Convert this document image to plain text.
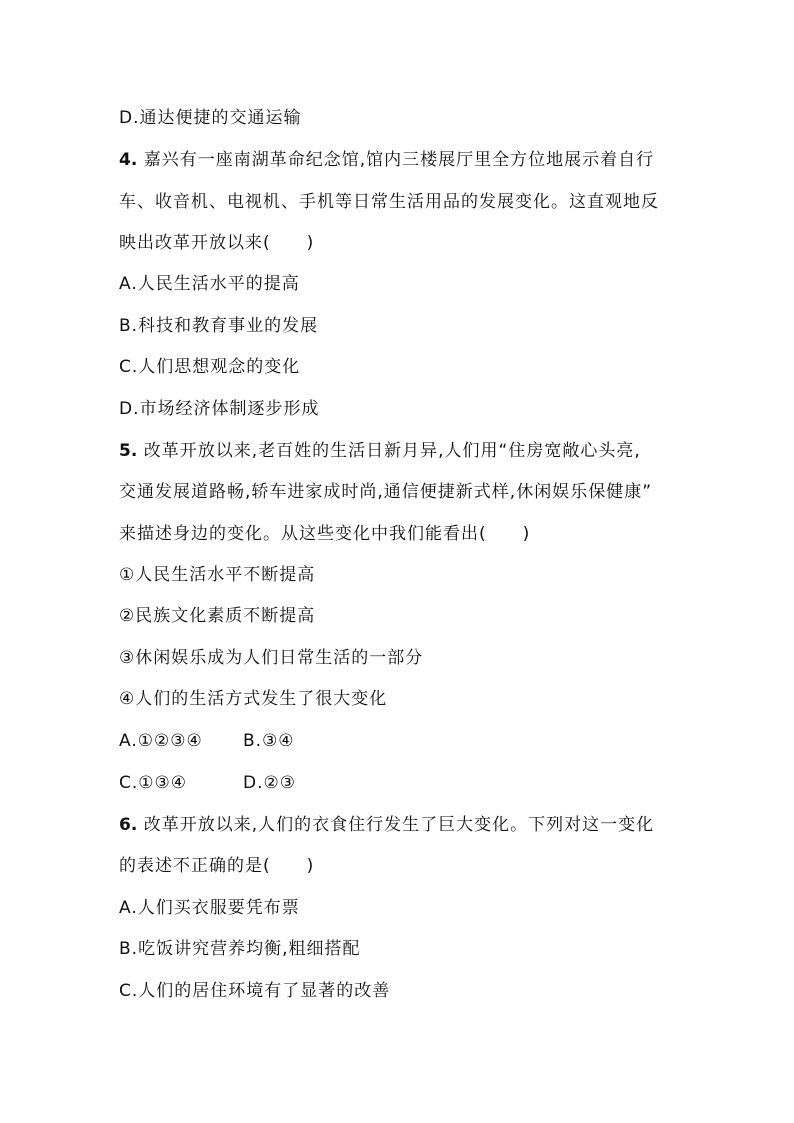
D.通达便捷的交通运输
4. 嘉兴有一座南湖革命纪念馆,馆内三楼展厅里全方位地展示着自行
车、收音机、电视机、手机等日常生活用品的发展变化。这直观地反
映出改革开放以来(　　)
A.人民生活水平的提高
B.科技和教育事业的发展
C.人们思想观念的变化
D.市场经济体制逐步形成
5. 改革开放以来,老百姓的生活日新月异,人们用“住房宽敞心头亮,
交通发展道路畅,轿车进家成时尚,通信便捷新式样,休闲娱乐保健康”
来描述身边的变化。从这些变化中我们能看出(　　)
①人民生活水平不断提高
②民族文化素质不断提高
③休闲娱乐成为人们日常生活的一部分
④人们的生活方式发生了很大变化
A.①②③④ B.③④
C.①③④	D.②③
6. 改革开放以来,人们的衣食住行发生了巨大变化。下列对这一变化
的表述不正确的是(　　)
A.人们买衣服要凭布票
B.吃饭讲究营养均衡,粗细搭配
C.人们的居住环境有了显著的改善
